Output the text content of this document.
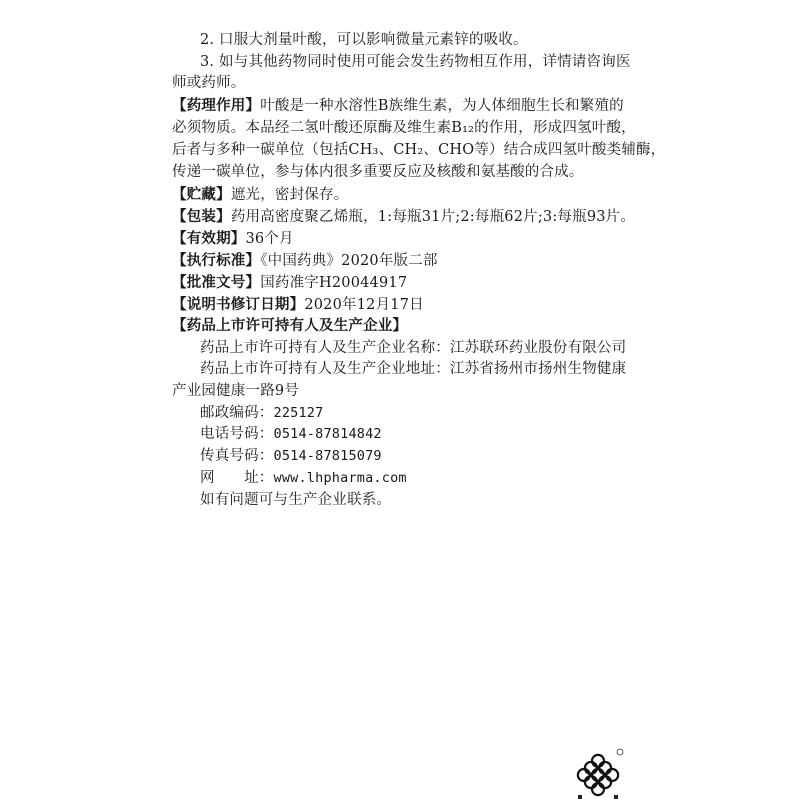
2. 口服大剂量叶酸，可以影响微量元素锌的吸收。
3. 如与其他药物同时使用可能会发生药物相互作用，详情请咨询医
师或药师。
【药理作用】叶酸是一种水溶性B族维生素，为人体细胞生长和繁殖的
必须物质。本品经二氢叶酸还原酶及维生素B₁₂的作用，形成四氢叶酸，
后者与多种一碳单位（包括CH₃、CH₂、CHO等）结合成四氢叶酸类辅酶，
传递一碳单位，参与体内很多重要反应及核酸和氨基酸的合成。
【贮藏】遮光，密封保存。
【包装】药用高密度聚乙烯瓶，1:每瓶31片;2:每瓶62片;3:每瓶93片。
【有效期】36个月
【执行标准】《中国药典》2020年版二部
【批准文号】国药准字H20044917
【说明书修订日期】2020年12月17日
【药品上市许可持有人及生产企业】
药品上市许可持有人及生产企业名称：江苏联环药业股份有限公司
药品上市许可持有人及生产企业地址：江苏省扬州市扬州生物健康
产业园健康一路9号
邮政编码：225127
电话号码：0514-87814842
传真号码：0514-87815079
网　　址：www.lhpharma.com
如有问题可与生产企业联系。
